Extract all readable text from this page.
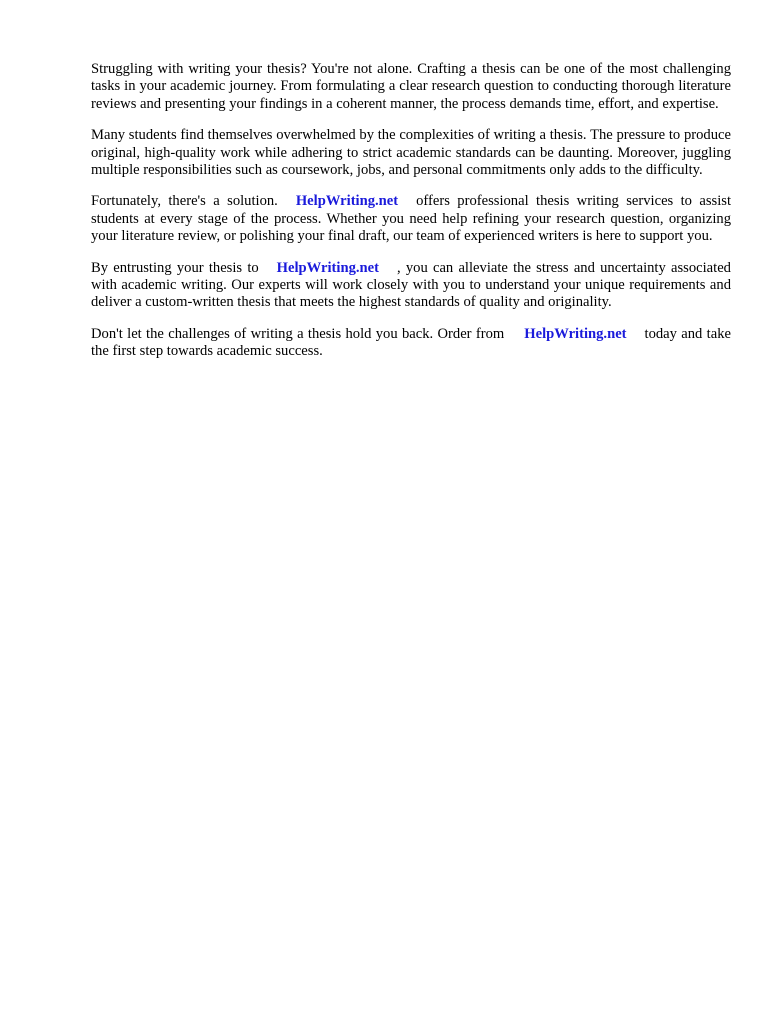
Struggling with writing your thesis? You're not alone. Crafting a thesis can be one of the most challenging tasks in your academic journey. From formulating a clear research question to conducting thorough literature reviews and presenting your findings in a coherent manner, the process demands time, effort, and expertise.

Many students find themselves overwhelmed by the complexities of writing a thesis. The pressure to produce original, high-quality work while adhering to strict academic standards can be daunting. Moreover, juggling multiple responsibilities such as coursework, jobs, and personal commitments only adds to the difficulty.

Fortunately, there's a solution. HelpWriting.net offers professional thesis writing services to assist students at every stage of the process. Whether you need help refining your research question, organizing your literature review, or polishing your final draft, our team of experienced writers is here to support you.

By entrusting your thesis to HelpWriting.net , you can alleviate the stress and uncertainty associated with academic writing. Our experts will work closely with you to understand your unique requirements and deliver a custom-written thesis that meets the highest standards of quality and originality.

Don't let the challenges of writing a thesis hold you back. Order from HelpWriting.net today and take the first step towards academic success.
